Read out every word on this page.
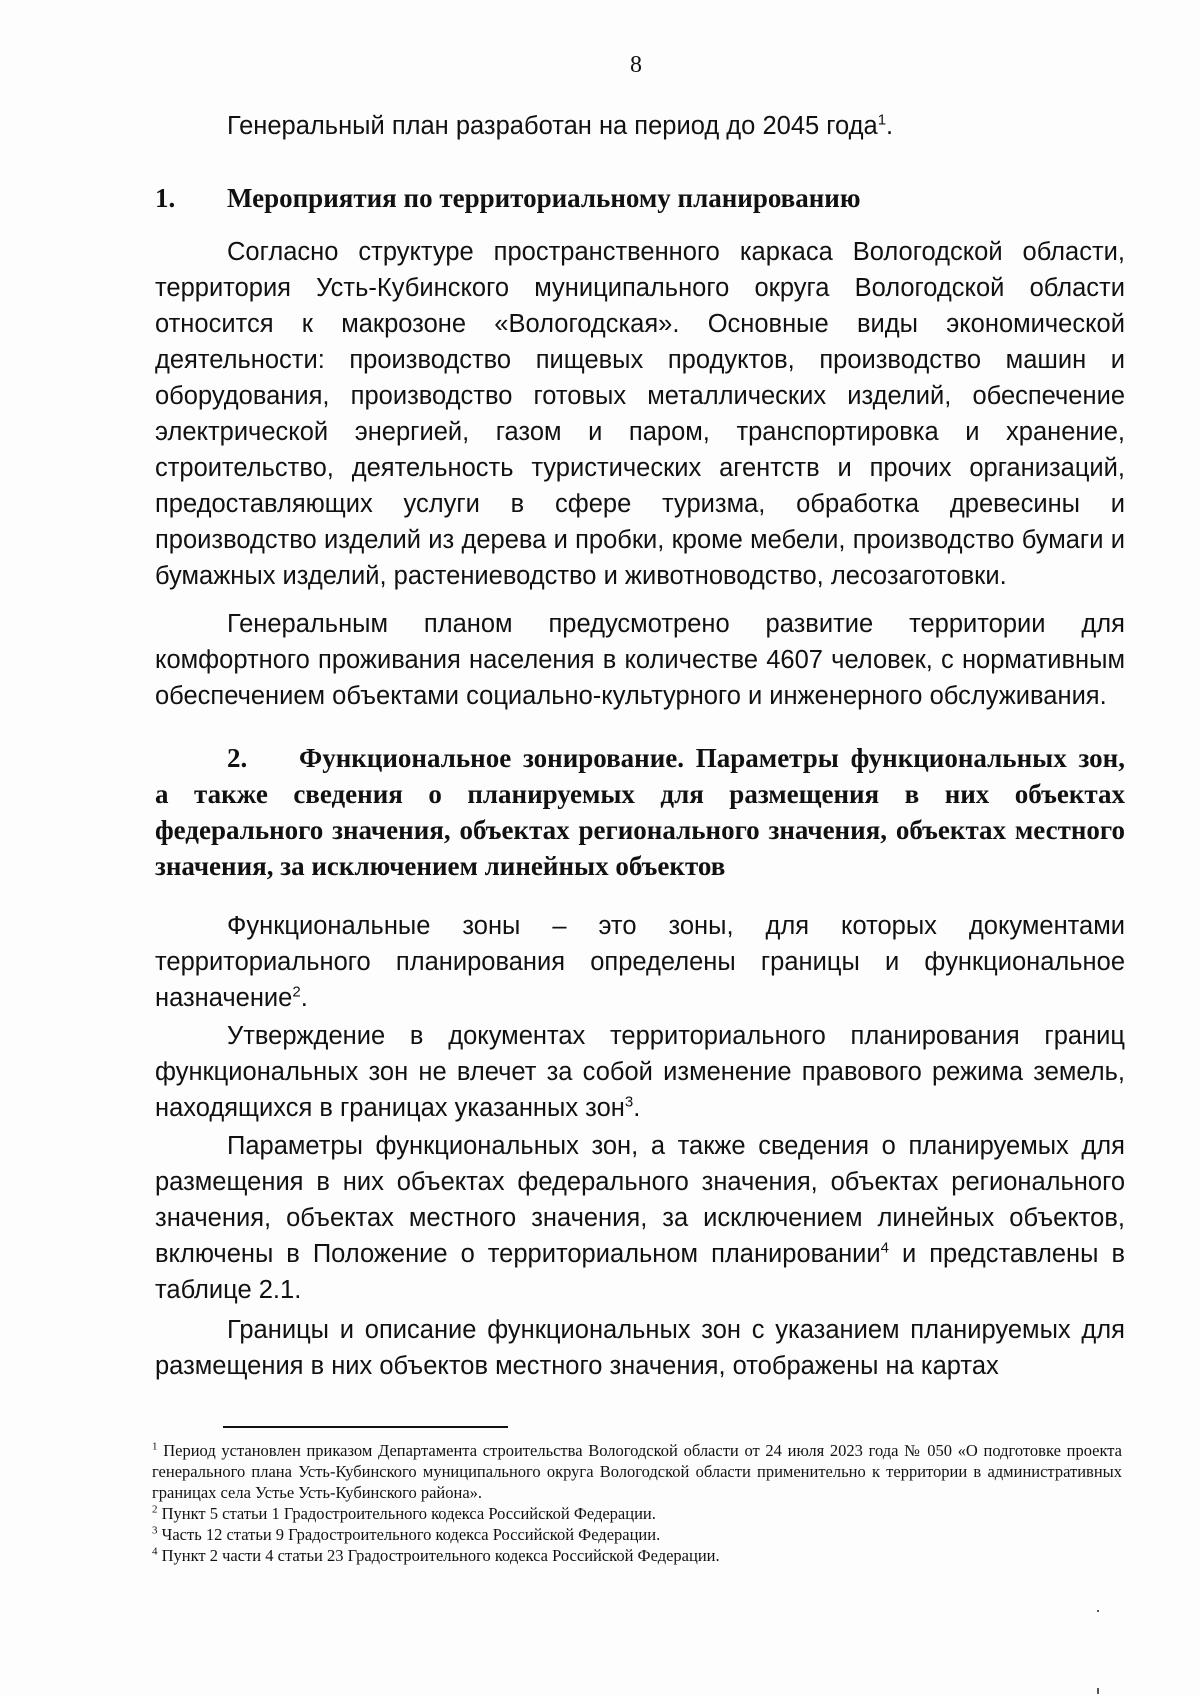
8

Генеральный план разработан на период до 2045 года$^1$.

1. Мероприятия по территориальному планированию

Согласно структуре пространственного каркаса Вологодской области, территория Усть-Кубинского муниципального округа Вологодской области относится к макрозоне «Вологодская». Основные виды экономической деятельности: производство пищевых продуктов, производство машин и оборудования, производство готовых металлических изделий, обеспечение электрической энергией, газом и паром, транспортировка и хранение, строительство, деятельность туристических агентств и прочих организаций, предоставляющих услуги в сфере туризма, обработка древесины и производство изделий из дерева и пробки, кроме мебели, производство бумаги и бумажных изделий, растениеводство и животноводство, лесозаготовки.

Генеральным планом предусмотрено развитие территории для комфортного проживания населения в количестве 4607 человек, с нормативным обеспечением объектами социально-культурного и инженерного обслуживания.

2. Функциональное зонирование. Параметры функциональных зон, а также сведения о планируемых для размещения в них объектах федерального значения, объектах регионального значения, объектах местного значения, за исключением линейных объектов

Функциональные зоны – это зоны, для которых документами территориального планирования определены границы и функциональное назначение$^2$.

Утверждение в документах территориального планирования границ функциональных зон не влечет за собой изменение правового режима земель, находящихся в границах указанных зон$^3$.

Параметры функциональных зон, а также сведения о планируемых для размещения в них объектах федерального значения, объектах регионального значения, объектах местного значения, за исключением линейных объектов, включены в Положение о территориальном планировании$^4$ и представлены в таблице 2.1.

Границы и описание функциональных зон с указанием планируемых для размещения в них объектов местного значения, отображены на картах

$^1$ Период установлен приказом Департамента строительства Вологодской области от 24 июля 2023 года № 050 «О подготовке проекта генерального плана Усть-Кубинского муниципального округа Вологодской области применительно к территории в административных границах села Устье Усть-Кубинского района».

$^2$ Пункт 5 статьи 1 Градостроительного кодекса Российской Федерации.

$^3$ Часть 12 статьи 9 Градостроительного кодекса Российской Федерации.

$^4$ Пункт 2 части 4 статьи 23 Градостроительного кодекса Российской Федерации.
